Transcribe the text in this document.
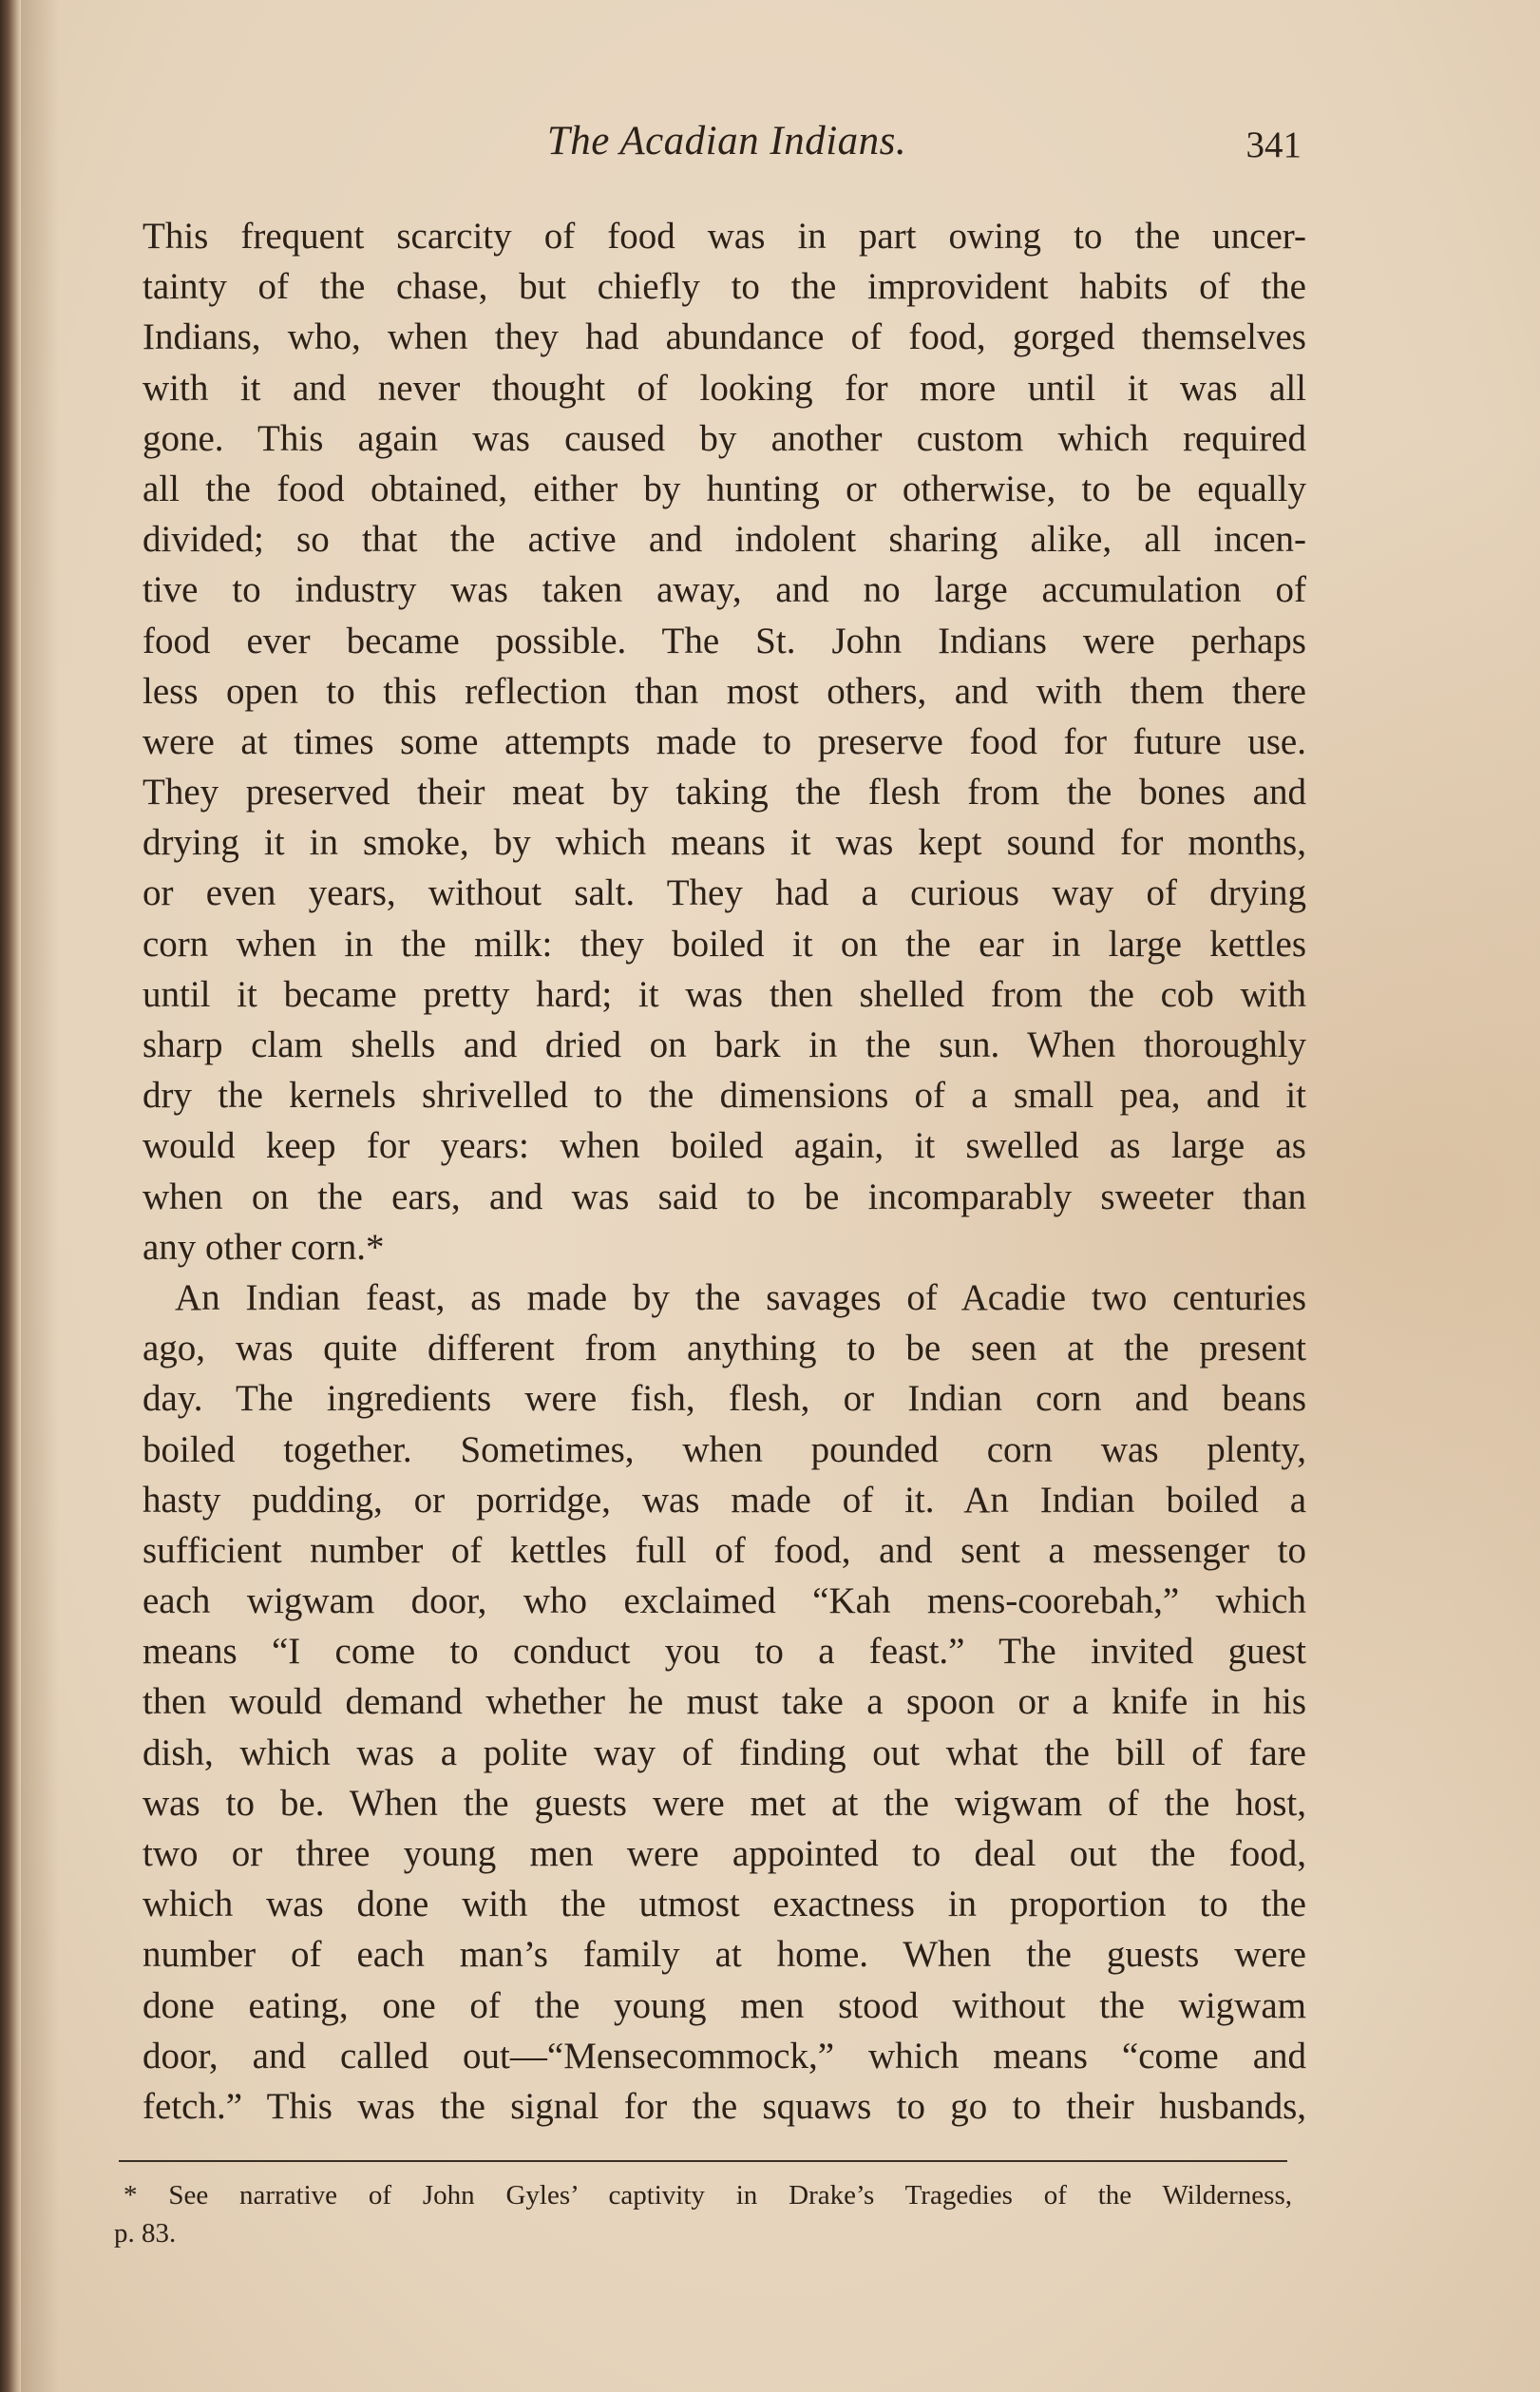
The Acadian Indians.	341
This frequent scarcity of food was in part owing to the uncer-
tainty of the chase, but chiefly to the improvident habits of the
Indians, who, when they had abundance of food, gorged themselves
with it and never thought of looking for more until it was all
gone. This again was caused by another custom which required
all the food obtained, either by hunting or otherwise, to be equally
divided; so that the active and indolent sharing alike, all incen-
tive to industry was taken away, and no large accumulation of
food ever became possible. The St. John Indians were perhaps
less open to this reflection than most others, and with them there
were at times some attempts made to preserve food for future use.
They preserved their meat by taking the flesh from the bones and
drying it in smoke, by which means it was kept sound for months,
or even years, without salt. They had a curious way of drying
corn when in the milk: they boiled it on the ear in large kettles
until it became pretty hard; it was then shelled from the cob with
sharp clam shells and dried on bark in the sun. When thoroughly
dry the kernels shrivelled to the dimensions of a small pea, and it
would keep for years: when boiled again, it swelled as large as
when on the ears, and was said to be incomparably sweeter than
any other corn.*
An Indian feast, as made by the savages of Acadie two centuries
ago, was quite different from anything to be seen at the present
day. The ingredients were fish, flesh, or Indian corn and beans
boiled together. Sometimes, when pounded corn was plenty,
hasty pudding, or porridge, was made of it. An Indian boiled a
sufficient number of kettles full of food, and sent a messenger to
each wigwam door, who exclaimed “Kah mens-coorebah,” which
means “I come to conduct you to a feast.” The invited guest
then would demand whether he must take a spoon or a knife in his
dish, which was a polite way of finding out what the bill of fare
was to be. When the guests were met at the wigwam of the host,
two or three young men were appointed to deal out the food,
which was done with the utmost exactness in proportion to the
number of each man’s family at home. When the guests were
done eating, one of the young men stood without the wigwam
door, and called out—“Mensecommock,” which means “come and
fetch.” This was the signal for the squaws to go to their husbands,
* See narrative of John Gyles’ captivity in Drake’s Tragedies of the Wilderness,
p. 83.
